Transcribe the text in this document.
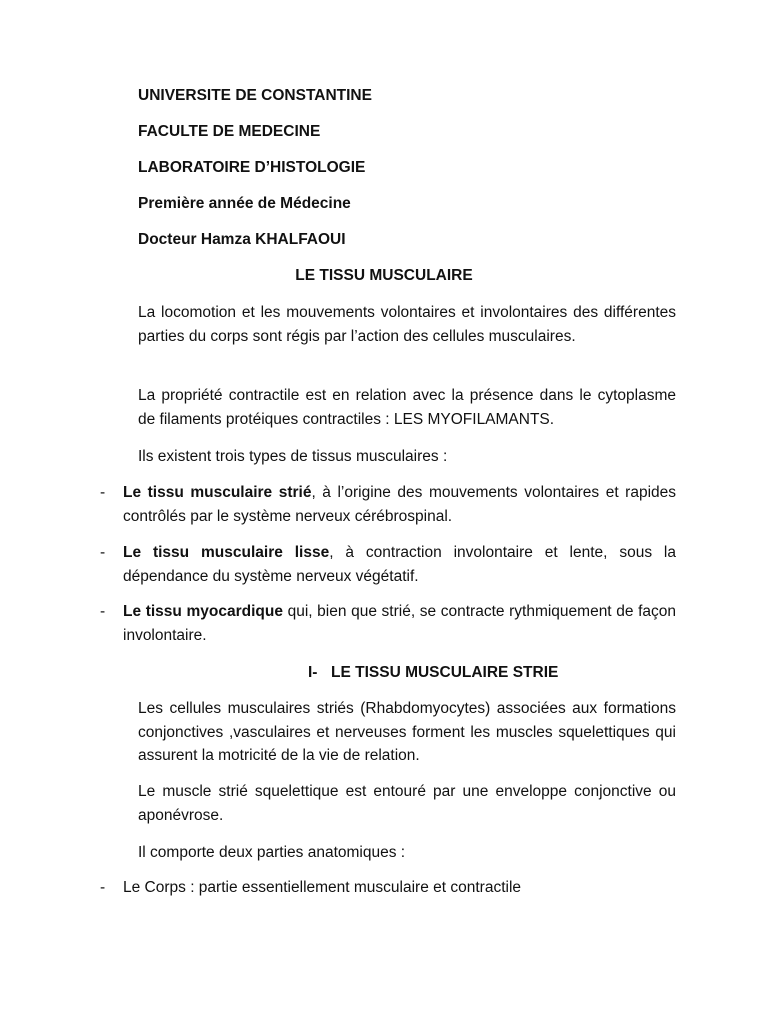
UNIVERSITE DE CONSTANTINE
FACULTE DE MEDECINE
LABORATOIRE D’HISTOLOGIE
Première année de Médecine
Docteur Hamza KHALFAOUI
LE TISSU MUSCULAIRE
La locomotion et les mouvements volontaires et involontaires des différentes parties du corps sont régis par l’action des cellules musculaires.
La propriété contractile est en relation avec la présence dans le cytoplasme de filaments protéiques contractiles : LES MYOFILAMANTS.
Ils existent trois types de tissus musculaires :
- Le tissu musculaire strié, à l’origine des mouvements volontaires et rapides contrôlés par le système nerveux cérébrospinal.
- Le tissu musculaire lisse, à contraction involontaire et lente, sous la dépendance du système nerveux végétatif.
- Le tissu myocardique qui, bien que strié, se contracte rythmiquement de façon involontaire.
I- LE TISSU MUSCULAIRE STRIE
Les cellules musculaires striés (Rhabdomyocytes) associées aux formations conjonctives ,vasculaires et nerveuses forment les muscles squelettiques qui assurent la motricité de la vie de relation.
Le muscle strié squelettique est entouré par une enveloppe conjonctive ou aponévrose.
Il comporte deux parties anatomiques :
- Le Corps : partie essentiellement musculaire et contractile
